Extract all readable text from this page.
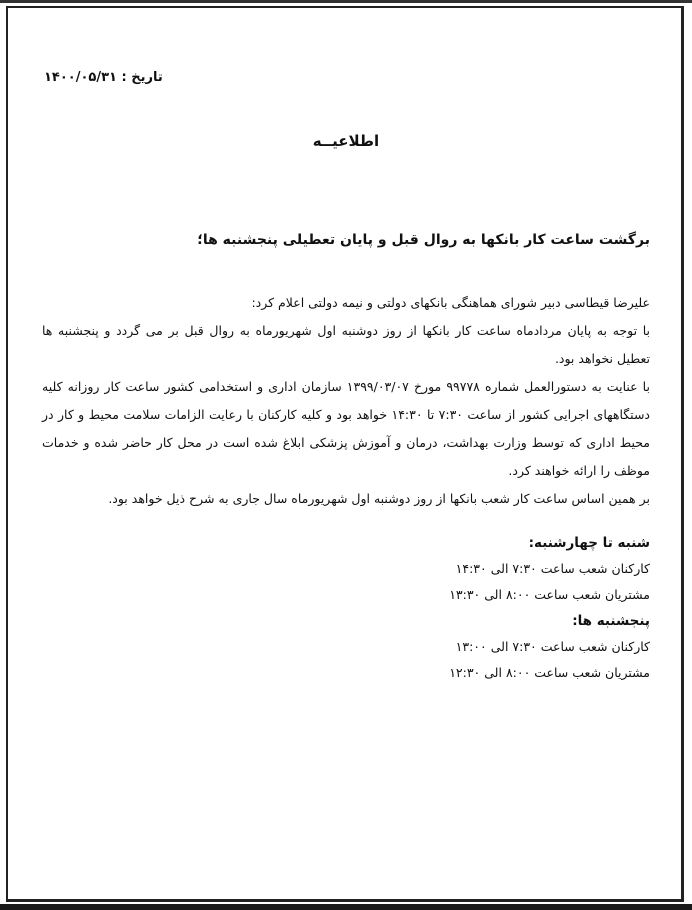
تاریخ : ۱۴۰۰/۰۵/۳۱
اطلاعیــه
برگشت ساعت کار بانکها به روال قبل و پایان تعطیلی پنجشنبه ها؛

علیرضا قیطاسی دبیر شورای هماهنگی بانکهای دولتی و نیمه دولتی اعلام کرد:

با توجه به پایان مردادماه ساعت کار بانکها از روز دوشنبه اول شهریورماه به روال قبل بر می گردد و پنجشنبه ها تعطیل نخواهد بود.

با عنایت به دستورالعمل شماره ۹۹۷۷۸ مورخ ۱۳۹۹/۰۳/۰۷ سازمان اداری و استخدامی کشور ساعت کار روزانه کلیه دستگاههای اجرایی کشور از ساعت ۷:۳۰ تا ۱۴:۳۰ خواهد بود و کلیه کارکنان با رعایت الزامات سلامت محیط و کار در محیط اداری که توسط وزارت بهداشت، درمان و آموزش پزشکی ابلاغ شده است در محل کار حاضر شده و خدمات موظف را ارائه خواهند کرد.

بر همین اساس ساعت کار شعب بانکها از روز دوشنبه اول شهریورماه سال جاری به شرح ذیل خواهد بود.

شنبه تا چهارشنبه:
کارکنان شعب ساعت ۷:۳۰ الی ۱۴:۳۰
مشتریان شعب ساعت ۸:۰۰ الی ۱۳:۳۰
پنجشنبه ها:
کارکنان شعب ساعت ۷:۳۰ الی ۱۳:۰۰
مشتریان شعب ساعت ۸:۰۰ الی ۱۲:۳۰
